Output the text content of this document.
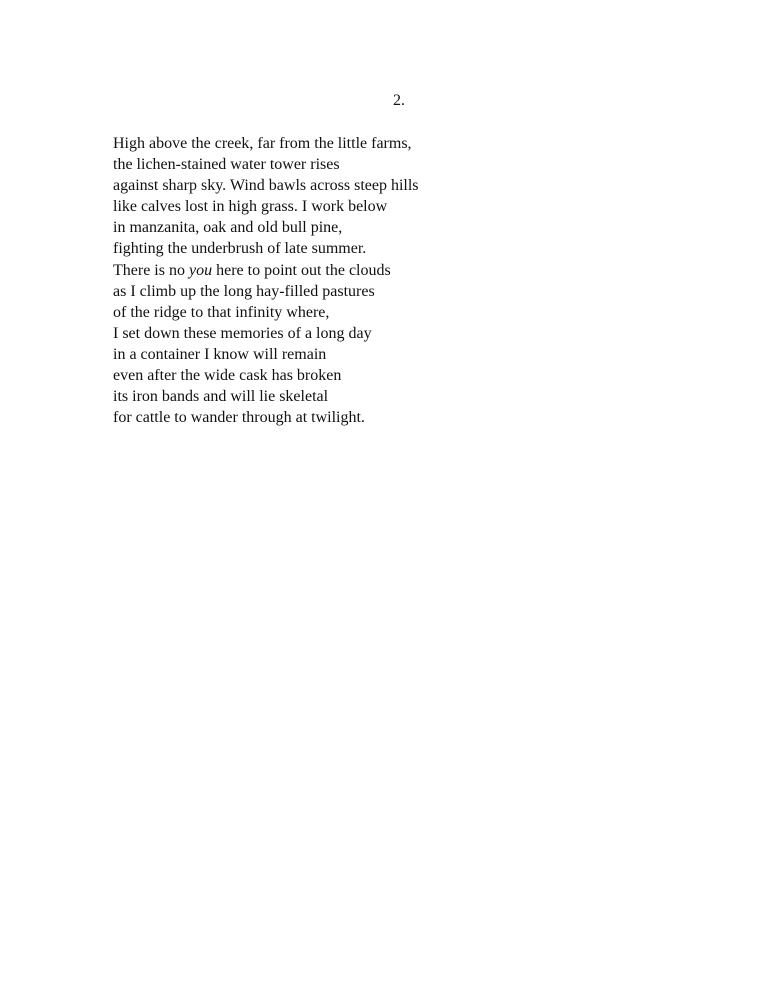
2.
High above the creek, far from the little farms,
the lichen-stained water tower rises
against sharp sky. Wind bawls across steep hills
like calves lost in high grass. I work below
in manzanita, oak and old bull pine,
fighting the underbrush of late summer.
There is no you here to point out the clouds
as I climb up the long hay-filled pastures
of the ridge to that infinity where,
I set down these memories of a long day
in a container I know will remain
even after the wide cask has broken
its iron bands and will lie skeletal
for cattle to wander through at twilight.
